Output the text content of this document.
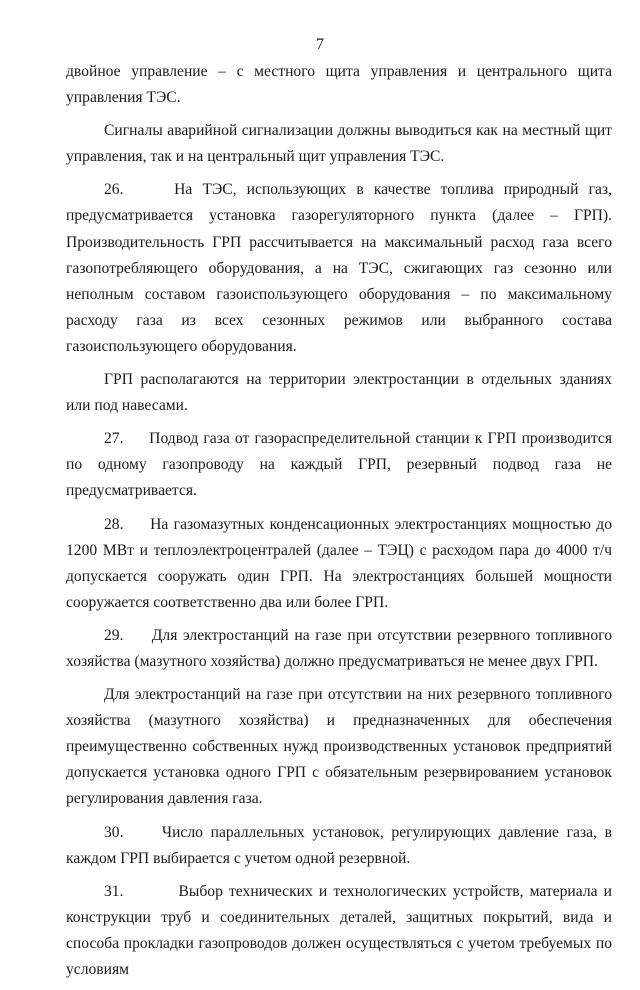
7

двойное управление – с местного щита управления и центрального щита управления ТЭС.

Сигналы аварийной сигнализации должны выводиться как на местный щит управления, так и на центральный щит управления ТЭС.

26.     На ТЭС, использующих в качестве топлива природный газ, предусматривается установка газорегуляторного пункта (далее – ГРП). Производительность ГРП рассчитывается на максимальный расход газа всего газопотребляющего оборудования, а на ТЭС, сжигающих газ сезонно или неполным составом газоиспользующего оборудования – по максимальному расходу газа из всех сезонных режимов или выбранного состава газоиспользующего оборудования.

ГРП располагаются на территории электростанции в отдельных зданиях или под навесами.

27.     Подвод газа от газораспределительной станции к ГРП производится по одному газопроводу на каждый ГРП, резервный подвод газа не предусматривается.

28.     На газомазутных конденсационных электростанциях мощностью до 1200 МВт и теплоэлектроцентралей (далее – ТЭЦ) с расходом пара до 4000 т/ч допускается сооружать один ГРП. На электростанциях большей мощности сооружается соответственно два или более ГРП.

29.     Для электростанций на газе при отсутствии резервного топливного хозяйства (мазутного хозяйства) должно предусматриваться не менее двух ГРП.

Для электростанций на газе при отсутствии на них резервного топливного хозяйства (мазутного хозяйства) и предназначенных для обеспечения преимущественно собственных нужд производственных установок предприятий допускается установка одного ГРП с обязательным резервированием установок регулирования давления газа.

30.     Число параллельных установок, регулирующих давление газа, в каждом ГРП выбирается с учетом одной резервной.

31.         Выбор технических и технологических устройств, материала и конструкции труб и соединительных деталей, защитных покрытий, вида и способа прокладки газопроводов должен осуществляться с учетом требуемых по условиям
